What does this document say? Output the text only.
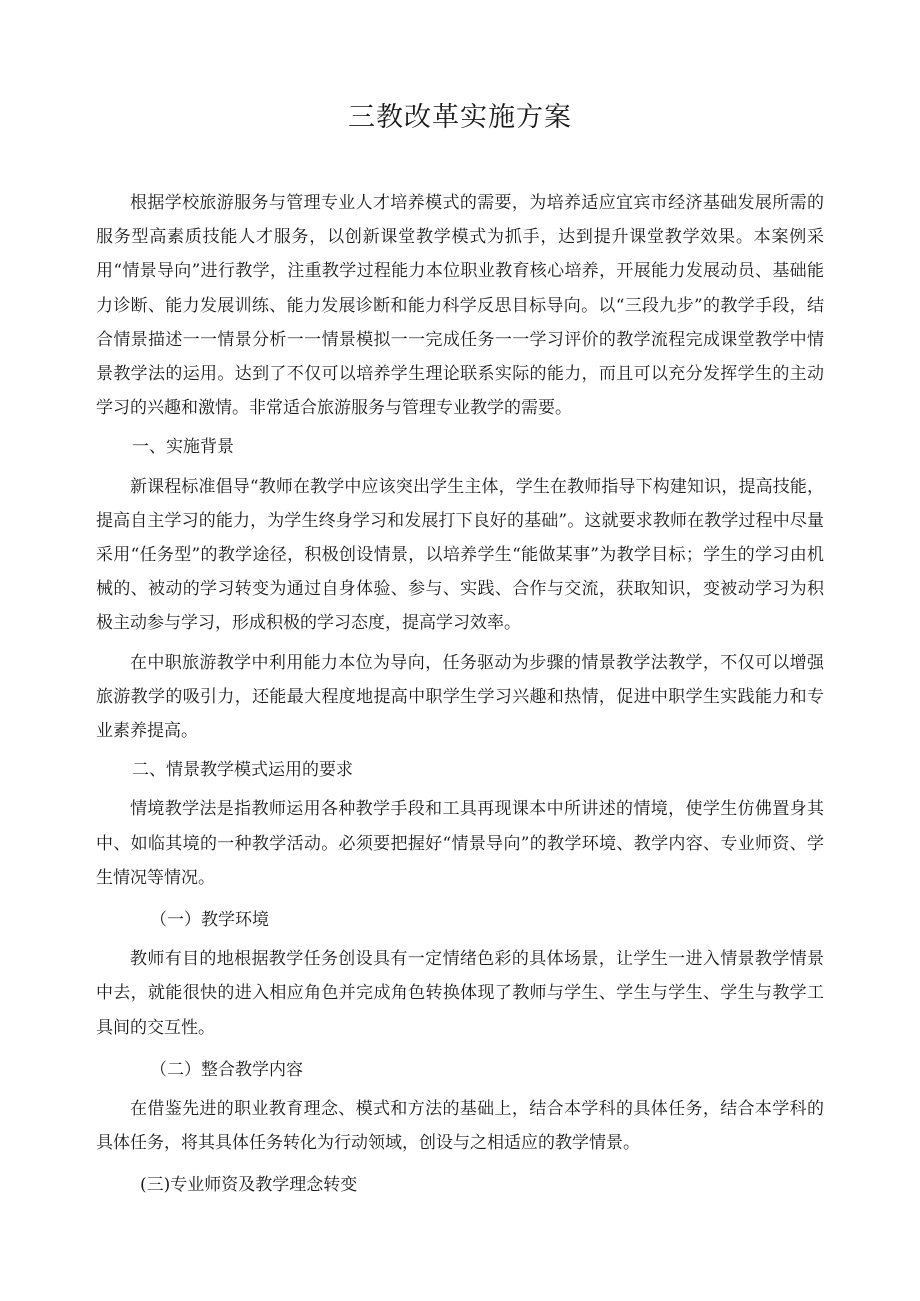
三教改革实施方案

根据学校旅游服务与管理专业人才培养模式的需要，为培养适应宜宾市经济基础发展所需的服务型高素质技能人才服务，以创新课堂教学模式为抓手，达到提升课堂教学效果。本案例采用“情景导向”进行教学，注重教学过程能力本位职业教育核心培养，开展能力发展动员、基础能力诊断、能力发展训练、能力发展诊断和能力科学反思目标导向。以“三段九步”的教学手段，结合情景描述一一情景分析一一情景模拟一一完成任务一一学习评价的教学流程完成课堂教学中情景教学法的运用。达到了不仅可以培养学生理论联系实际的能力，而且可以充分发挥学生的主动学习的兴趣和激情。非常适合旅游服务与管理专业教学的需要。

一、实施背景

新课程标准倡导“教师在教学中应该突出学生主体，学生在教师指导下构建知识，提高技能，提高自主学习的能力，为学生终身学习和发展打下良好的基础”。这就要求教师在教学过程中尽量采用“任务型”的教学途径，积极创设情景，以培养学生“能做某事”为教学目标；学生的学习由机械的、被动的学习转变为通过自身体验、参与、实践、合作与交流，获取知识，变被动学习为积极主动参与学习，形成积极的学习态度，提高学习效率。

在中职旅游教学中利用能力本位为导向，任务驱动为步骤的情景教学法教学，不仅可以增强旅游教学的吸引力，还能最大程度地提高中职学生学习兴趣和热情，促进中职学生实践能力和专业素养提高。

二、情景教学模式运用的要求

情境教学法是指教师运用各种教学手段和工具再现课本中所讲述的情境，使学生仿佛置身其中、如临其境的一种教学活动。必须要把握好“情景导向”的教学环境、教学内容、专业师资、学生情况等情况。

（一）教学环境

教师有目的地根据教学任务创设具有一定情绪色彩的具体场景，让学生一进入情景教学情景中去，就能很快的进入相应角色并完成角色转换体现了教师与学生、学生与学生、学生与教学工具间的交互性。

（二）整合教学内容

在借鉴先进的职业教育理念、模式和方法的基础上，结合本学科的具体任务，结合本学科的具体任务，将其具体任务转化为行动领域，创设与之相适应的教学情景。

(三)专业师资及教学理念转变
